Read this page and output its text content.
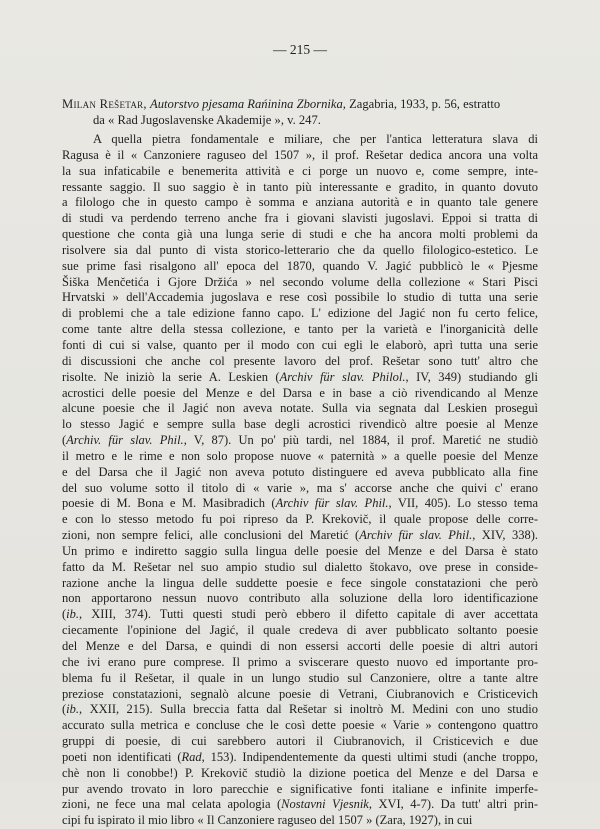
— 215 —
Milan Rešetar, Autorstvo pjesama Rańinina Zbornika, Zagabria, 1933, p. 56, estratto
da « Rad Jugoslavenske Akademije », v. 247.
A quella pietra fondamentale e miliare, che per l'antica letteratura slava di
Ragusa è il « Canzoniere raguseo del 1507 », il prof. Rešetar dedica ancora una volta
la sua infaticabile e benemerita attività e ci porge un nuovo e, come sempre, inte-
ressante saggio. Il suo saggio è in tanto più interessante e gradito, in quanto dovuto
a filologo che in questo campo è somma e anziana autorità e in quanto tale genere
di studi va perdendo terreno anche fra i giovani slavisti jugoslavi. Eppoi si tratta di
questione che conta già una lunga serie di studi e che ha ancora molti problemi da
risolvere sia dal punto di vista storico-letterario che da quello filologico-estetico. Le
sue prime fasi risalgono all' epoca del 1870, quando V. Jagić pubblicò le « Pjesme
Šiška Menčetića i Gjore Držića » nel secondo volume della collezione « Stari Pisci
Hrvatski » dell'Accademia jugoslava e rese così possibile lo studio di tutta una serie
di problemi che a tale edizione fanno capo. L' edizione del Jagić non fu certo felice,
come tante altre della stessa collezione, e tanto per la varietà e l'inorganicità delle
fonti di cui si valse, quanto per il modo con cui egli le elaborò, aprì tutta una serie
di discussioni che anche col presente lavoro del prof. Rešetar sono tutt' altro che
risolte. Ne iniziò la serie A. Leskien (Archiv für slav. Philol., IV, 349) studiando gli
acrostici delle poesie del Menze e del Darsa e in base a ciò rivendicando al Menze
alcune poesie che il Jagić non aveva notate. Sulla via segnata dal Leskien proseguì
lo stesso Jagić e sempre sulla base degli acrostici rivendicò altre poesie al Menze
(Archiv. für slav. Phil., V, 87). Un po' più tardi, nel 1884, il prof. Maretić ne studiò
il metro e le rime e non solo propose nuove « paternità » a quelle poesie del Menze
e del Darsa che il Jagić non aveva potuto distinguere ed aveva pubblicato alla fine
del suo volume sotto il titolo di « varie », ma s' accorse anche che quivi c' erano
poesie di M. Bona e M. Masibradich (Archiv für slav. Phil., VII, 405). Lo stesso tema
e con lo stesso metodo fu poi ripreso da P. Krekovič, il quale propose delle corre-
zioni, non sempre felici, alle conclusioni del Maretić (Archiv für slav. Phil., XIV, 338).
Un primo e indiretto saggio sulla lingua delle poesie del Menze e del Darsa è stato
fatto da M. Rešetar nel suo ampio studio sul dialetto štokavo, ove prese in conside-
razione anche la lingua delle suddette poesie e fece singole constatazioni che però
non apportarono nessun nuovo contributo alla soluzione della loro identificazione
(ib., XIII, 374). Tutti questi studi però ebbero il difetto capitale di aver accettata
ciecamente l'opinione del Jagić, il quale credeva di aver pubblicato soltanto poesie
del Menze e del Darsa, e quindi di non essersi accorti delle poesie di altri autori
che ivi erano pure comprese. Il primo a sviscerare questo nuovo ed importante pro-
blema fu il Rešetar, il quale in un lungo studio sul Canzoniere, oltre a tante altre
preziose constatazioni, segnalò alcune poesie di Vetrani, Ciubranovich e Cristicevich
(ib., XXII, 215). Sulla breccia fatta dal Rešetar si inoltrò M. Medini con uno studio
accurato sulla metrica e concluse che le così dette poesie « Varie » contengono quattro
gruppi di poesie, di cui sarebbero autori il Ciubranovich, il Cristicevich e due
poeti non identificati (Rad, 153). Indipendentemente da questi ultimi studi (anche troppo,
chè non li conobbe!) P. Krekovič studiò la dizione poetica del Menze e del Darsa e
pur avendo trovato in loro parecchie e significative fonti italiane e infinite imperfe-
zioni, ne fece una mal celata apologia (Nostavni Vjesnik, XVI, 4-7). Da tutt' altri prin-
cipi fu ispirato il mio libro « Il Canzoniere raguseo del 1507 » (Zara, 1927), in cui
